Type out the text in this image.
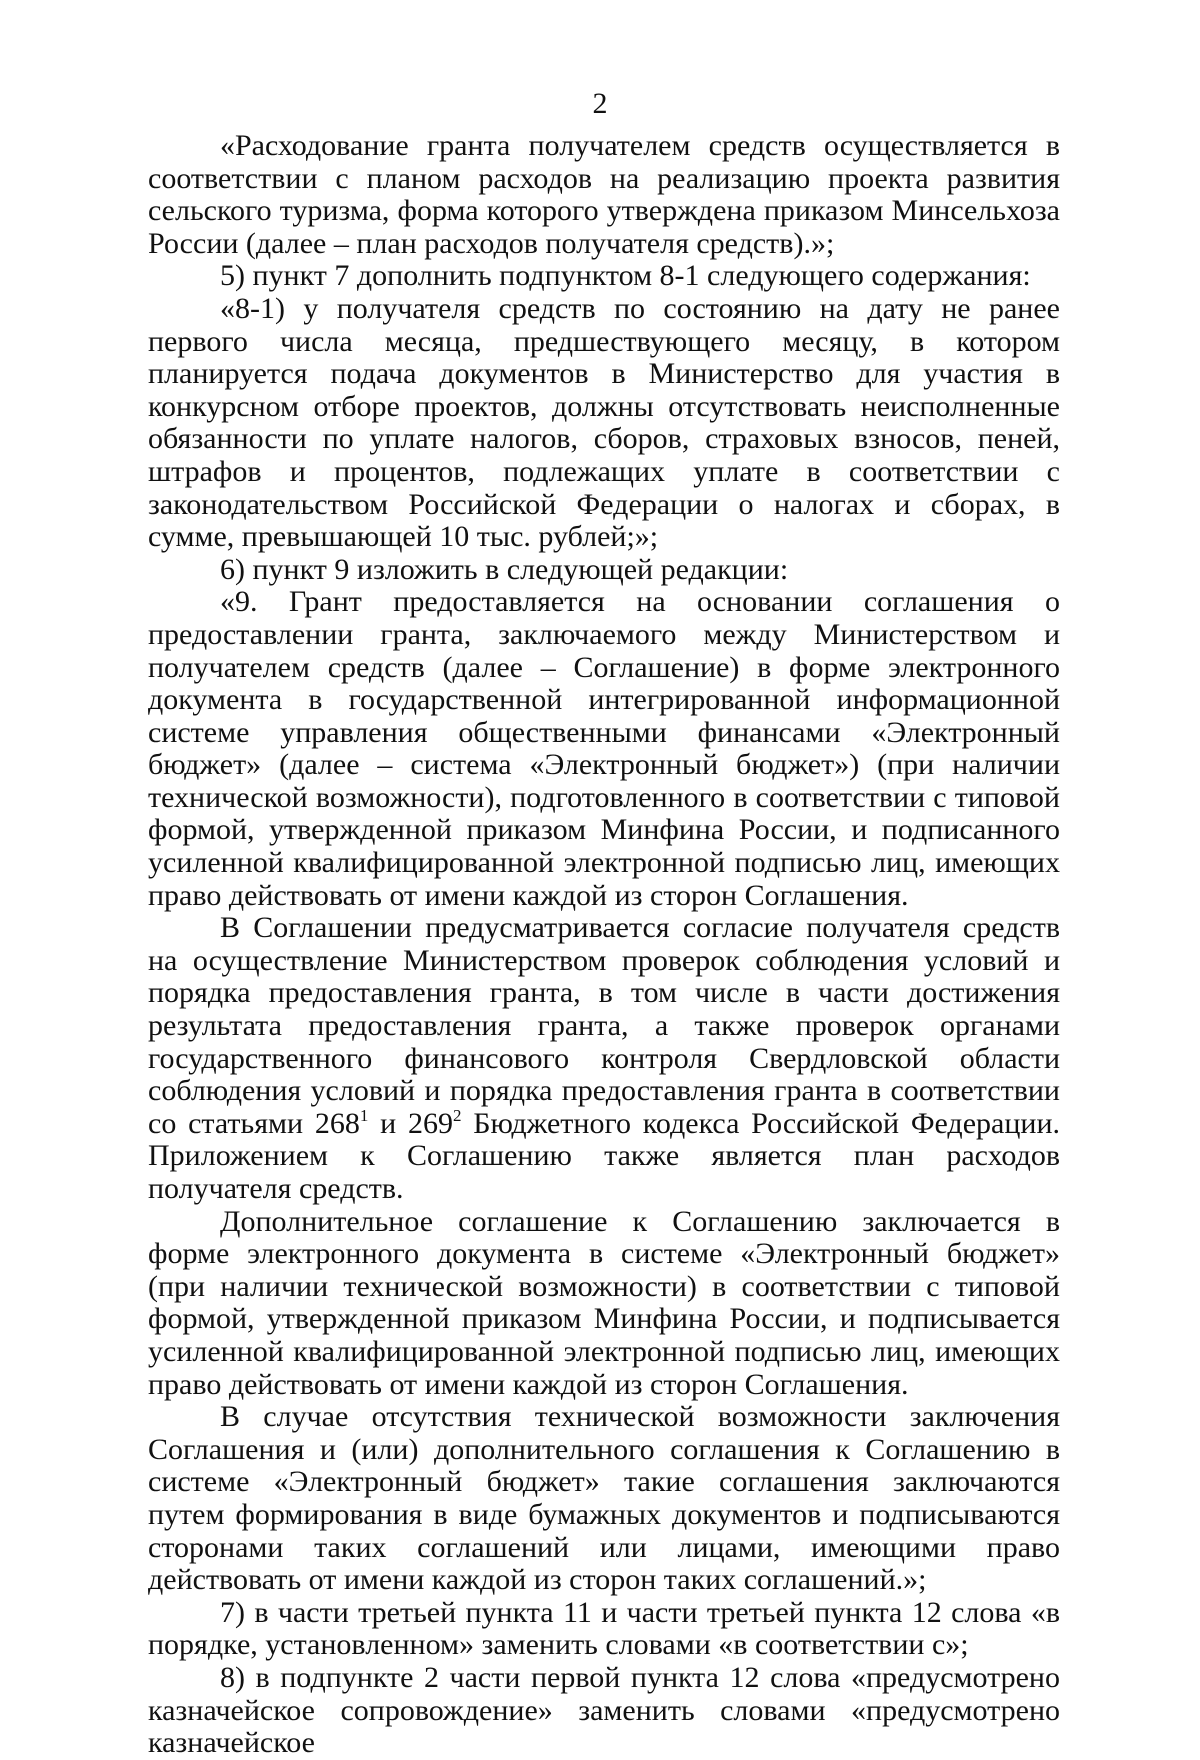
2

«Расходование гранта получателем средств осуществляется в соответствии с планом расходов на реализацию проекта развития сельского туризма, форма которого утверждена приказом Минсельхоза России (далее – план расходов получателя средств).»;

5) пункт 7 дополнить подпунктом 8-1 следующего содержания:

«8-1) у получателя средств по состоянию на дату не ранее первого числа месяца, предшествующего месяцу, в котором планируется подача документов в Министерство для участия в конкурсном отборе проектов, должны отсутствовать неисполненные обязанности по уплате налогов, сборов, страховых взносов, пеней, штрафов и процентов, подлежащих уплате в соответствии с законодательством Российской Федерации о налогах и сборах, в сумме, превышающей 10 тыс. рублей;»;

6) пункт 9 изложить в следующей редакции:

«9. Грант предоставляется на основании соглашения о предоставлении гранта, заключаемого между Министерством и получателем средств (далее – Соглашение) в форме электронного документа в государственной интегрированной информационной системе управления общественными финансами «Электронный бюджет» (далее – система «Электронный бюджет») (при наличии технической возможности), подготовленного в соответствии с типовой формой, утвержденной приказом Минфина России, и подписанного усиленной квалифицированной электронной подписью лиц, имеющих право действовать от имени каждой из сторон Соглашения.

В Соглашении предусматривается согласие получателя средств на осуществление Министерством проверок соблюдения условий и порядка предоставления гранта, в том числе в части достижения результата предоставления гранта, а также проверок органами государственного финансового контроля Свердловской области соблюдения условий и порядка предоставления гранта в соответствии со статьями $268^1$ и $269^2$ Бюджетного кодекса Российской Федерации. Приложением к Соглашению также является план расходов получателя средств.

Дополнительное соглашение к Соглашению заключается в форме электронного документа в системе «Электронный бюджет» (при наличии технической возможности) в соответствии с типовой формой, утвержденной приказом Минфина России, и подписывается усиленной квалифицированной электронной подписью лиц, имеющих право действовать от имени каждой из сторон Соглашения.

В случае отсутствия технической возможности заключения Соглашения и (или) дополнительного соглашения к Соглашению в системе «Электронный бюджет» такие соглашения заключаются путем формирования в виде бумажных документов и подписываются сторонами таких соглашений или лицами, имеющими право действовать от имени каждой из сторон таких соглашений.»;

7) в части третьей пункта 11 и части третьей пункта 12 слова «в порядке, установленном» заменить словами «в соответствии с»;

8) в подпункте 2 части первой пункта 12 слова «предусмотрено казначейское сопровождение» заменить словами «предусмотрено казначейское
